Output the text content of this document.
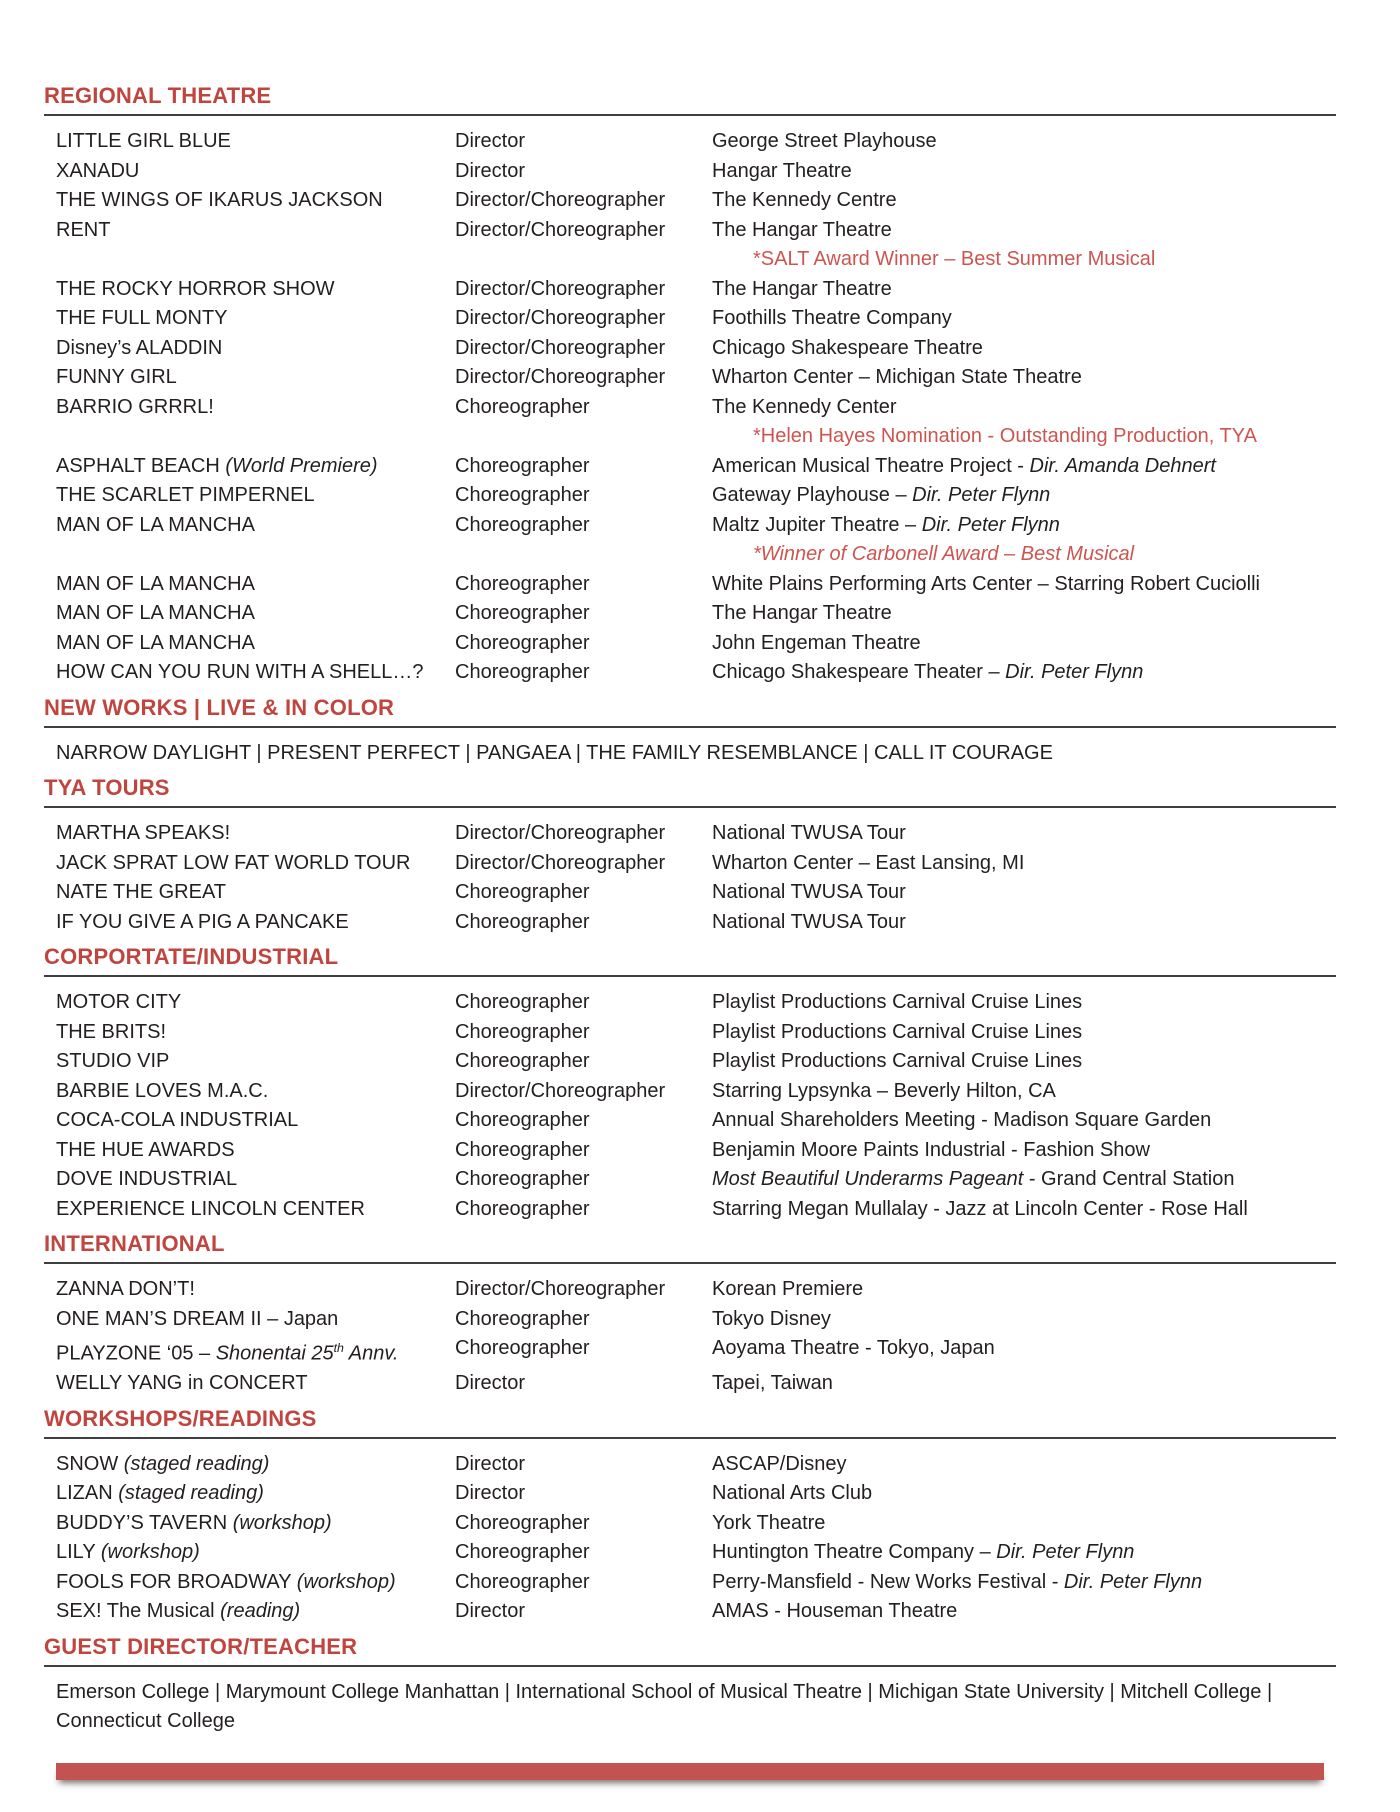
REGIONAL THEATRE
LITTLE GIRL BLUE	Director	George Street Playhouse
XANADU	Director	Hangar Theatre
THE WINGS OF IKARUS JACKSON	Director/Choreographer	The Kennedy Centre
RENT	Director/Choreographer	The Hangar Theatre
*SALT Award Winner – Best Summer Musical
THE ROCKY HORROR SHOW	Director/Choreographer	The Hangar Theatre
THE FULL MONTY	Director/Choreographer	Foothills Theatre Company
Disney’s ALADDIN	Director/Choreographer	Chicago Shakespeare Theatre
FUNNY GIRL	Director/Choreographer	Wharton Center – Michigan State Theatre
BARRIO GRRRL!	Choreographer	The Kennedy Center
*Helen Hayes Nomination - Outstanding Production, TYA
ASPHALT BEACH (World Premiere)	Choreographer	American Musical Theatre Project - Dir. Amanda Dehnert
THE SCARLET PIMPERNEL	Choreographer	Gateway Playhouse – Dir. Peter Flynn
MAN OF LA MANCHA	Choreographer	Maltz Jupiter Theatre – Dir. Peter Flynn
*Winner of Carbonell Award – Best Musical
MAN OF LA MANCHA	Choreographer	White Plains Performing Arts Center – Starring Robert Cuciolli
MAN OF LA MANCHA	Choreographer	The Hangar Theatre
MAN OF LA MANCHA	Choreographer	John Engeman Theatre
HOW CAN YOU RUN WITH A SHELL…?	Choreographer	Chicago Shakespeare Theater – Dir. Peter Flynn
NEW WORKS | LIVE & IN COLOR
NARROW DAYLIGHT | PRESENT PERFECT | PANGAEA | THE FAMILY RESEMBLANCE | CALL IT COURAGE
TYA TOURS
MARTHA SPEAKS!	Director/Choreographer	National TWUSA Tour
JACK SPRAT LOW FAT WORLD TOUR	Director/Choreographer	Wharton Center – East Lansing, MI
NATE THE GREAT	Choreographer	National TWUSA Tour
IF YOU GIVE A PIG A PANCAKE	Choreographer	National TWUSA Tour
CORPORTATE/INDUSTRIAL
MOTOR CITY	Choreographer	Playlist Productions Carnival Cruise Lines
THE BRITS!	Choreographer	Playlist Productions Carnival Cruise Lines
STUDIO VIP	Choreographer	Playlist Productions Carnival Cruise Lines
BARBIE LOVES M.A.C.	Director/Choreographer	Starring Lypsynka – Beverly Hilton, CA
COCA-COLA INDUSTRIAL	Choreographer	Annual Shareholders Meeting - Madison Square Garden
THE HUE AWARDS	Choreographer	Benjamin Moore Paints Industrial - Fashion Show
DOVE INDUSTRIAL	Choreographer	Most Beautiful Underarms Pageant - Grand Central Station
EXPERIENCE LINCOLN CENTER	Choreographer	Starring Megan Mullalay - Jazz at Lincoln Center - Rose Hall
INTERNATIONAL
ZANNA DON’T!	Director/Choreographer	Korean Premiere
ONE MAN’S DREAM II – Japan	Choreographer	Tokyo Disney
PLAYZONE ‘05 – Shonentai 25th Annv.	Choreographer	Aoyama Theatre - Tokyo, Japan
WELLY YANG in CONCERT	Director	Tapei, Taiwan
WORKSHOPS/READINGS
SNOW (staged reading)	Director	ASCAP/Disney
LIZAN (staged reading)	Director	National Arts Club
BUDDY’S TAVERN (workshop)	Choreographer	York Theatre
LILY (workshop)	Choreographer	Huntington Theatre Company – Dir. Peter Flynn
FOOLS FOR BROADWAY (workshop)	Choreographer	Perry-Mansfield - New Works Festival - Dir. Peter Flynn
SEX! The Musical (reading)	Director	AMAS - Houseman Theatre
GUEST DIRECTOR/TEACHER
Emerson College | Marymount College Manhattan | International School of Musical Theatre | Michigan State University | Mitchell College |
Connecticut College
